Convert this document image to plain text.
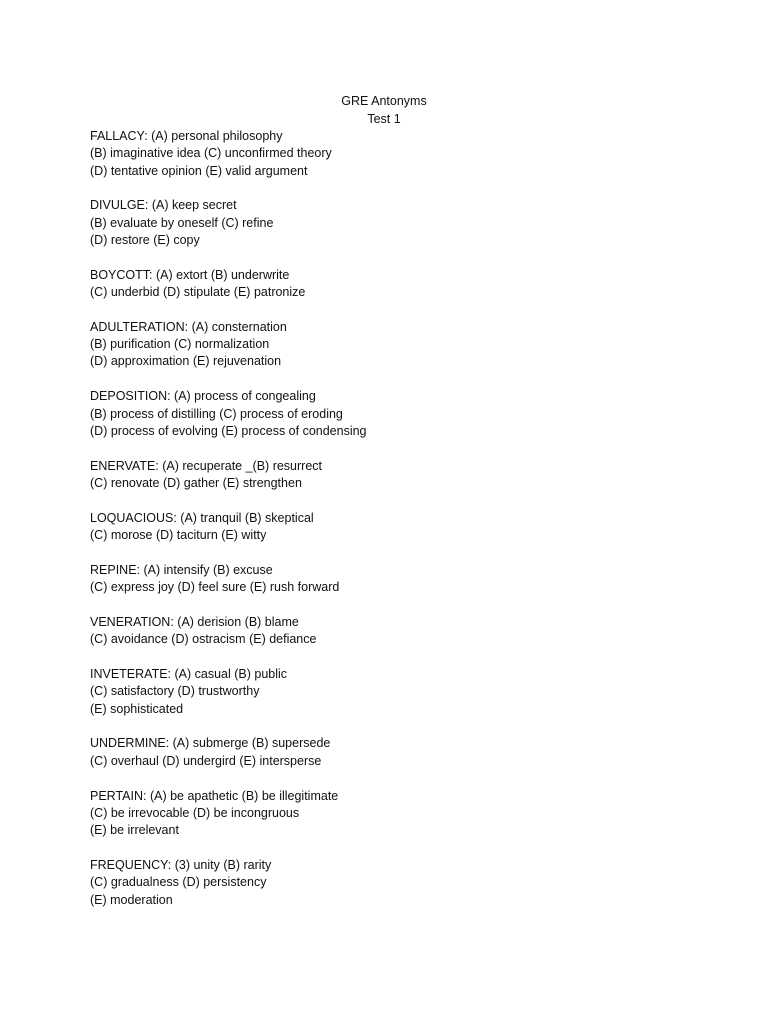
GRE Antonyms
Test 1
FALLACY: (A) personal philosophy
(B) imaginative idea (C) unconfirmed theory
(D) tentative opinion (E) valid argument
DIVULGE: (A) keep secret
(B) evaluate by oneself (C) refine
(D) restore (E) copy
BOYCOTT: (A) extort (B) underwrite
(C) underbid (D) stipulate (E) patronize
ADULTERATION: (A) consternation
(B) purification (C) normalization
(D) approximation (E) rejuvenation
DEPOSITION: (A) process of congealing
(B) process of distilling (C) process of eroding
(D) process of evolving (E) process of condensing
ENERVATE: (A) recuperate _(B) resurrect
(C) renovate (D) gather (E) strengthen
LOQUACIOUS: (A) tranquil (B) skeptical
(C) morose (D) taciturn (E) witty
REPINE: (A) intensify (B) excuse
(C) express joy (D) feel sure (E) rush forward
VENERATION: (A) derision (B) blame
(C) avoidance (D) ostracism (E) defiance
INVETERATE: (A) casual (B) public
(C) satisfactory (D) trustworthy
(E) sophisticated
UNDERMINE: (A) submerge (B) supersede
(C) overhaul (D) undergird (E) intersperse
PERTAIN: (A) be apathetic (B) be illegitimate
(C) be irrevocable (D) be incongruous
(E) be irrelevant
FREQUENCY: (3) unity (B) rarity
(C) gradualness (D) persistency
(E) moderation
